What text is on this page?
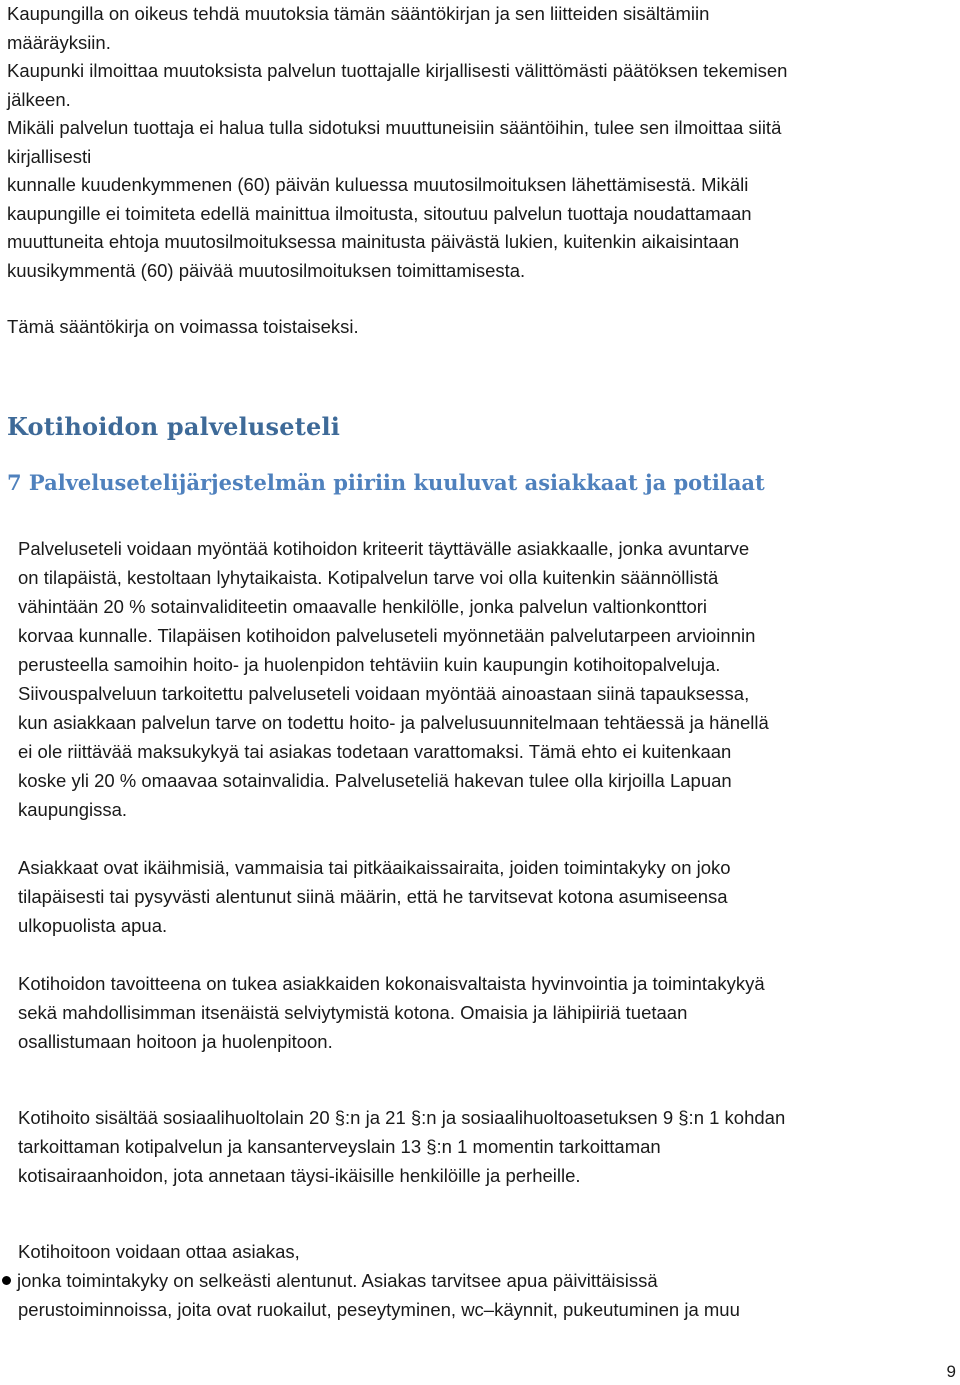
Kaupungilla on oikeus tehdä muutoksia tämän sääntökirjan ja sen liitteiden sisältämiin

määräyksiin.

Kaupunki ilmoittaa muutoksista palvelun tuottajalle kirjallisesti välittömästi päätöksen tekemisen

jälkeen.

Mikäli palvelun tuottaja ei halua tulla sidotuksi muuttuneisiin sääntöihin, tulee sen ilmoittaa siitä

kirjallisesti

kunnalle kuudenkymmenen (60) päivän kuluessa muutosilmoituksen lähettämisestä. Mikäli

kaupungille ei toimiteta edellä mainittua ilmoitusta, sitoutuu palvelun tuottaja noudattamaan

muuttuneita ehtoja muutosilmoituksessa mainitusta päivästä lukien, kuitenkin aikaisintaan

kuusikymmentä (60) päivää muutosilmoituksen toimittamisesta.

Tämä sääntökirja on voimassa toistaiseksi.

Kotihoidon palveluseteli
7 Palvelusetelijärjestelmän piiriin kuuluvat asiakkaat ja potilaat
Palveluseteli voidaan myöntää kotihoidon kriteerit täyttävälle asiakkaalle, jonka avuntarve
on tilapäistä, kestoltaan lyhytaikaista. Kotipalvelun tarve voi olla kuitenkin säännöllistä
vähintään 20 % sotainvaliditeetin omaavalle henkilölle, jonka palvelun valtionkonttori
korvaa kunnalle. Tilapäisen kotihoidon palveluseteli myönnetään palvelutarpeen arvioinnin
perusteella samoihin hoito- ja huolenpidon tehtäviin kuin kaupungin kotihoitopalveluja.
Siivouspalveluun tarkoitettu palveluseteli voidaan myöntää ainoastaan siinä tapauksessa,
kun asiakkaan palvelun tarve on todettu hoito- ja palvelusuunnitelmaan tehtäessä ja hänellä
ei ole riittävää maksukykyä tai asiakas todetaan varattomaksi. Tämä ehto ei kuitenkaan
koske yli 20 % omaavaa sotainvalidia. Palveluseteliä hakevan tulee olla kirjoilla Lapuan
kaupungissa.
Asiakkaat ovat ikäihmisiä, vammaisia tai pitkäaikaissairaita, joiden toimintakyky on joko
tilapäisesti tai pysyvästi alentunut siinä määrin, että he tarvitsevat kotona asumiseensa
ulkopuolista apua.
Kotihoidon tavoitteena on tukea asiakkaiden kokonaisvaltaista hyvinvointia ja toimintakykyä
sekä mahdollisimman itsenäistä selviytymistä kotona. Omaisia ja lähipiiriä tuetaan
osallistumaan hoitoon ja huolenpitoon.
Kotihoito sisältää sosiaalihuoltolain 20 §:n ja 21 §:n ja sosiaalihuoltoasetuksen 9 §:n 1 kohdan
tarkoittaman kotipalvelun ja kansanterveyslain 13 §:n 1 momentin tarkoittaman
kotisairaanhoidon, jota annetaan täysi-ikäisille henkilöille ja perheille.
Kotihoitoon voidaan ottaa asiakas,
jonka toimintakyky on selkeästi alentunut. Asiakas tarvitsee apua päivittäisissä
perustoiminnoissa, joita ovat ruokailut, peseytyminen, wc–käynnit, pukeutuminen ja muu

9
